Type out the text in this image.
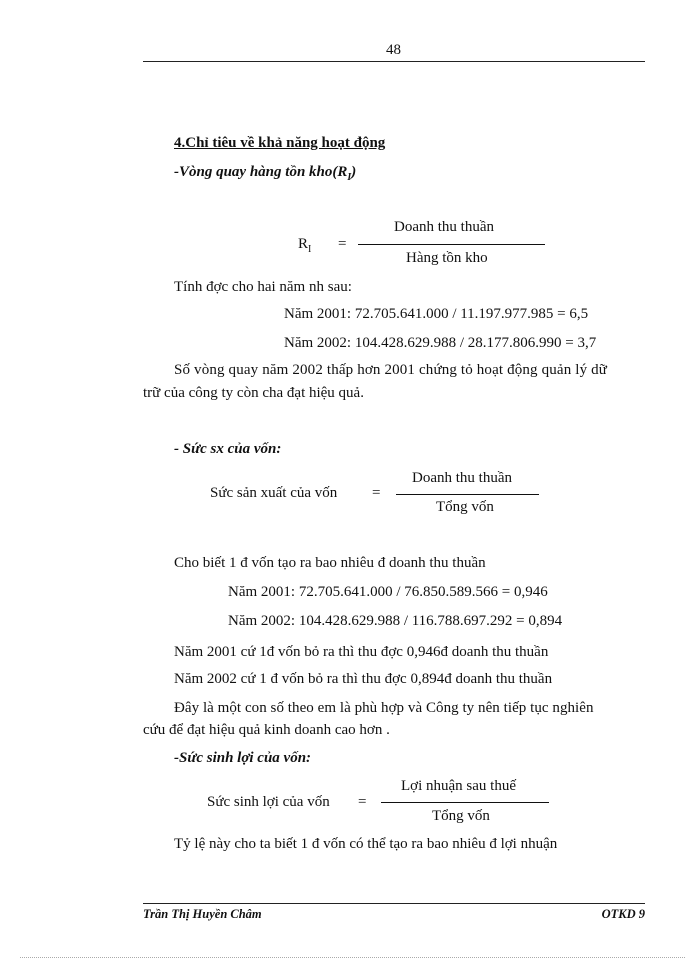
48
4.Chỉ tiêu về khả năng hoạt động
-Vòng quay hàng tồn $kho(R_I)$
$R_I$ =
Doanh thu thuần
Hàng tồn kho
Tính đợc cho hai năm nh sau:
Năm 2001: 72.705.641.000 / 11.197.977.985 = 6,5
Năm 2002: 104.428.629.988 / 28.177.806.990 = 3,7
Số vòng quay năm 2002 thấp hơn 2001 chứng tỏ hoạt động quản lý dữ
trữ của công ty còn cha đạt hiệu quả.
- Sức sx của vốn:
Sức sản xuất của vốn =
Doanh thu thuần
Tổng vốn
Cho biết 1 đ vốn tạo ra bao nhiêu đ doanh thu thuần
Năm 2001: 72.705.641.000 / 76.850.589.566 = 0,946
Năm 2002: 104.428.629.988 / 116.788.697.292 = 0,894
Năm 2001 cứ 1đ vốn bỏ ra thì thu đợc 0,946đ doanh thu thuần
Năm 2002 cứ 1 đ vốn bỏ ra thì thu đợc 0,894đ doanh thu thuần
Đây là một con số theo em là phù hợp và Công ty nên tiếp tục nghiên
cứu để đạt hiệu quả kinh doanh cao hơn .
-Sức sinh lợi của vốn:
Sức sinh lợi của vốn =
Lợi nhuận sau thuế
Tổng vốn
Tỷ lệ này cho ta biết 1 đ vốn có thể tạo ra bao nhiêu đ lợi nhuận
Trần Thị Huyền Châm	OTKD 9
